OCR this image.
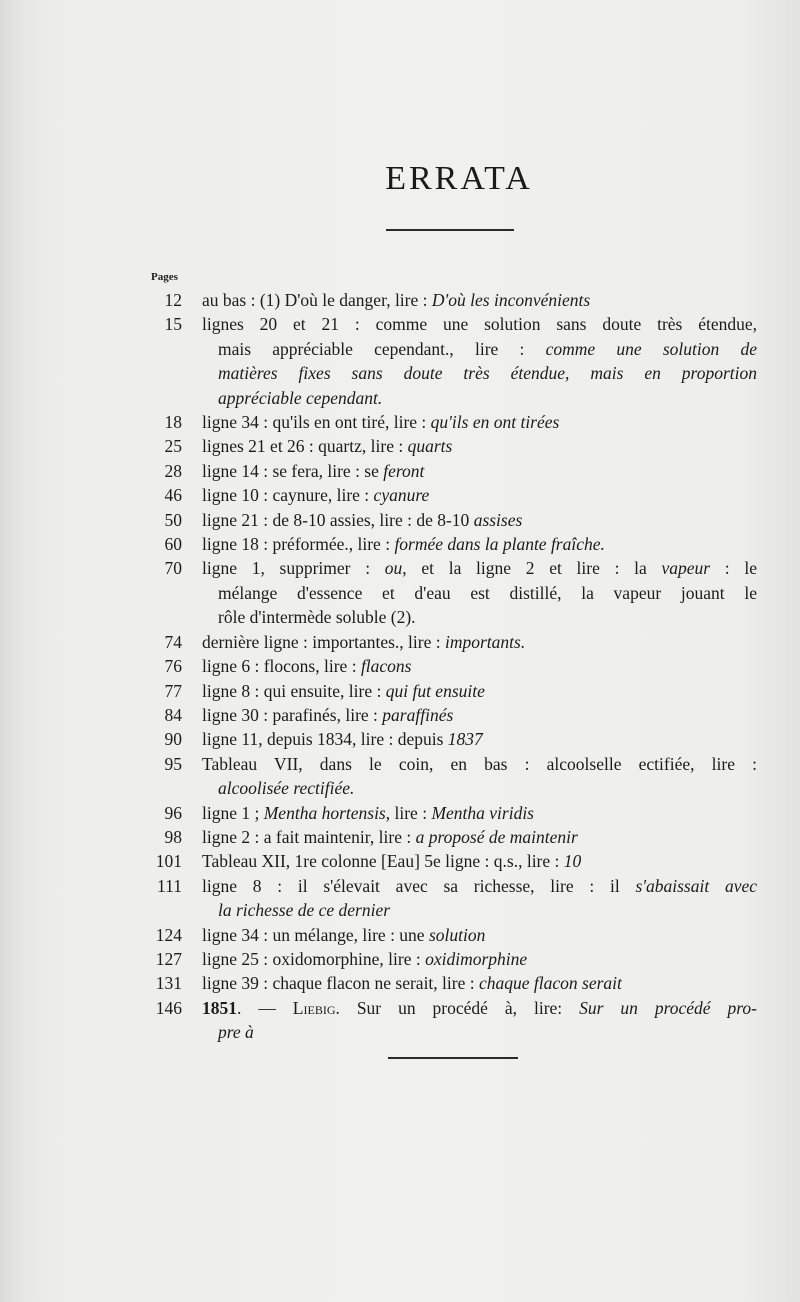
ERRATA
Pages
12 au bas : (1) D'où le danger, lire : D'où les inconvénients
15 lignes 20 et 21 : comme une solution sans doute très étendue,
mais appréciable cependant., lire : comme une solution de
matières fixes sans doute très étendue, mais en proportion
appréciable cependant.
18 ligne 34 : qu'ils en ont tiré, lire : qu'ils en ont tirées
25 lignes 21 et 26 : quartz, lire : quarts
28 ligne 14 : se fera, lire : se feront
46 ligne 10 : caynure, lire : cyanure
50 ligne 21 : de 8-10 assies, lire : de 8-10 assises
60 ligne 18 : préformée., lire : formée dans la plante fraîche.
70 ligne 1, supprimer : ou, et la ligne 2 et lire : la vapeur : le
mélange d'essence et d'eau est distillé, la vapeur jouant le
rôle d'intermède soluble (2).
74 dernière ligne : importantes., lire : importants.
76 ligne 6 : flocons, lire : flacons
77 ligne 8 : qui ensuite, lire : qui fut ensuite
84 ligne 30 : parafinés, lire : paraffinés
90 ligne 11, depuis 1834, lire : depuis 1837
95 Tableau VII, dans le coin, en bas : alcoolselle ectifiée, lire :
alcoolisée rectifiée.
96 ligne 1 ; Mentha hortensis, lire : Mentha viridis
98 ligne 2 : a fait maintenir, lire : a proposé de maintenir
101 Tableau XII, 1re colonne [Eau] 5e ligne : q.s., lire : 10
111 ligne 8 : il s'élevait avec sa richesse, lire : il s'abaissait avec
la richesse de ce dernier
124 ligne 34 : un mélange, lire : une solution
127 ligne 25 : oxidomorphine, lire : oxidimorphine
131 ligne 39 : chaque flacon ne serait, lire : chaque flacon serait
146 1851. — Liebig. Sur un procédé à, lire: Sur un procédé pro-
pre à
